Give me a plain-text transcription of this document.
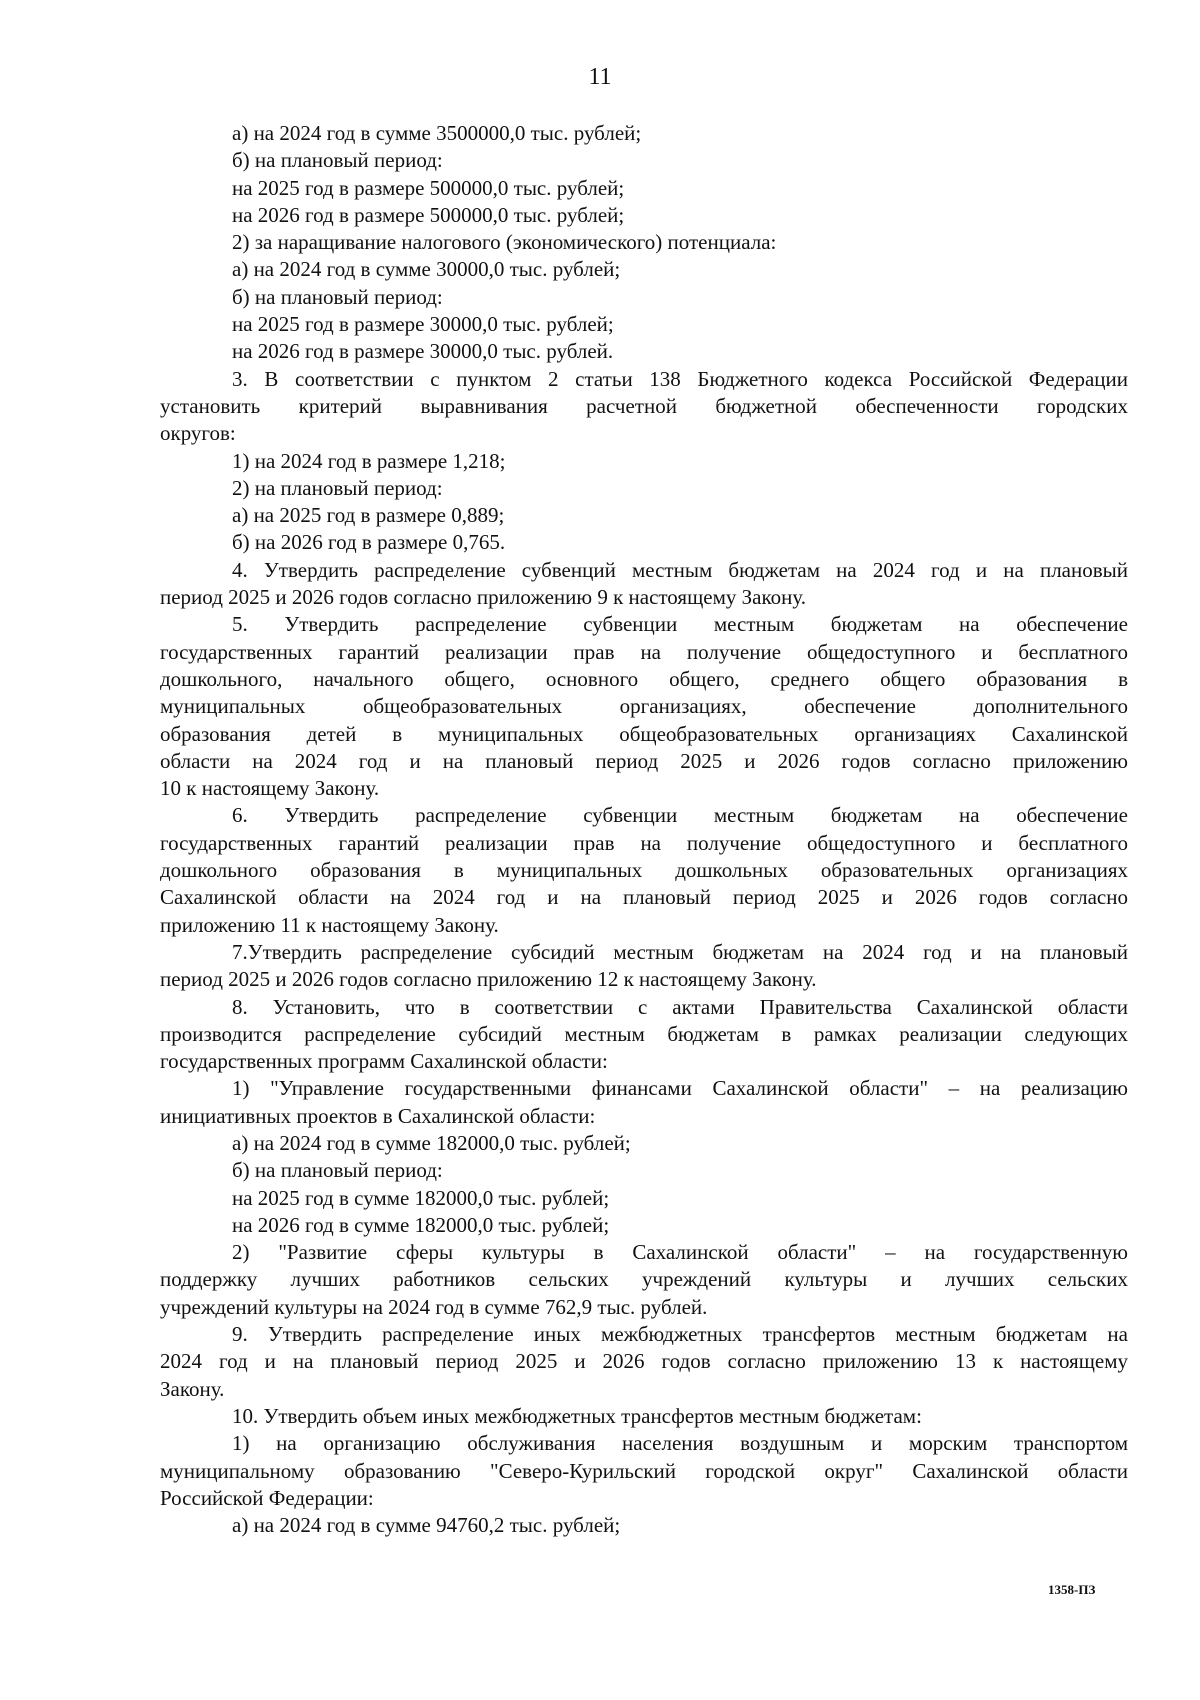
11
а) на 2024 год в сумме 3500000,0 тыс. рублей;
б) на плановый период:
на 2025 год в размере 500000,0 тыс. рублей;
на 2026 год в размере 500000,0 тыс. рублей;
2) за наращивание налогового (экономического) потенциала:
а) на 2024 год в сумме 30000,0 тыс. рублей;
б) на плановый период:
на 2025 год в размере 30000,0 тыс. рублей;
на 2026 год в размере 30000,0 тыс. рублей.
3. В соответствии с пунктом 2 статьи 138 Бюджетного кодекса Российской Федерации
установить критерий выравнивания расчетной бюджетной обеспеченности городских
округов:
1) на 2024 год в размере 1,218;
2) на плановый период:
а) на 2025 год в размере 0,889;
б) на 2026 год в размере 0,765.
4. Утвердить распределение субвенций местным бюджетам на 2024 год и на плановый
период 2025 и 2026 годов согласно приложению 9 к настоящему Закону.
5. Утвердить распределение субвенции местным бюджетам на обеспечение
государственных гарантий реализации прав на получение общедоступного и бесплатного
дошкольного, начального общего, основного общего, среднего общего образования в
муниципальных общеобразовательных организациях, обеспечение дополнительного
образования детей в муниципальных общеобразовательных организациях Сахалинской
области на 2024 год и на плановый период 2025 и 2026 годов согласно приложению
10 к настоящему Закону.
6. Утвердить распределение субвенции местным бюджетам на обеспечение
государственных гарантий реализации прав на получение общедоступного и бесплатного
дошкольного образования в муниципальных дошкольных образовательных организациях
Сахалинской области на 2024 год и на плановый период 2025 и 2026 годов согласно
приложению 11 к настоящему Закону.
7.Утвердить распределение субсидий местным бюджетам на 2024 год и на плановый
период 2025 и 2026 годов согласно приложению 12 к настоящему Закону.
8. Установить, что в соответствии с актами Правительства Сахалинской области
производится распределение субсидий местным бюджетам в рамках реализации следующих
государственных программ Сахалинской области:
1) "Управление государственными финансами Сахалинской области" – на реализацию
инициативных проектов в Сахалинской области:
а) на 2024 год в сумме 182000,0 тыс. рублей;
б) на плановый период:
на 2025 год в сумме 182000,0 тыс. рублей;
на 2026 год в сумме 182000,0 тыс. рублей;
2) "Развитие сферы культуры в Сахалинской области" – на государственную
поддержку лучших работников сельских учреждений культуры и лучших сельских
учреждений культуры на 2024 год в сумме 762,9 тыс. рублей.
9. Утвердить распределение иных межбюджетных трансфертов местным бюджетам на
2024 год и на плановый период 2025 и 2026 годов согласно приложению 13 к настоящему
Закону.
10. Утвердить объем иных межбюджетных трансфертов местным бюджетам:
1) на организацию обслуживания населения воздушным и морским транспортом
муниципальному образованию "Северо-Курильский городской округ" Сахалинской области
Российской Федерации:
а) на 2024 год в сумме 94760,2 тыс. рублей;
1358-ПЗ
